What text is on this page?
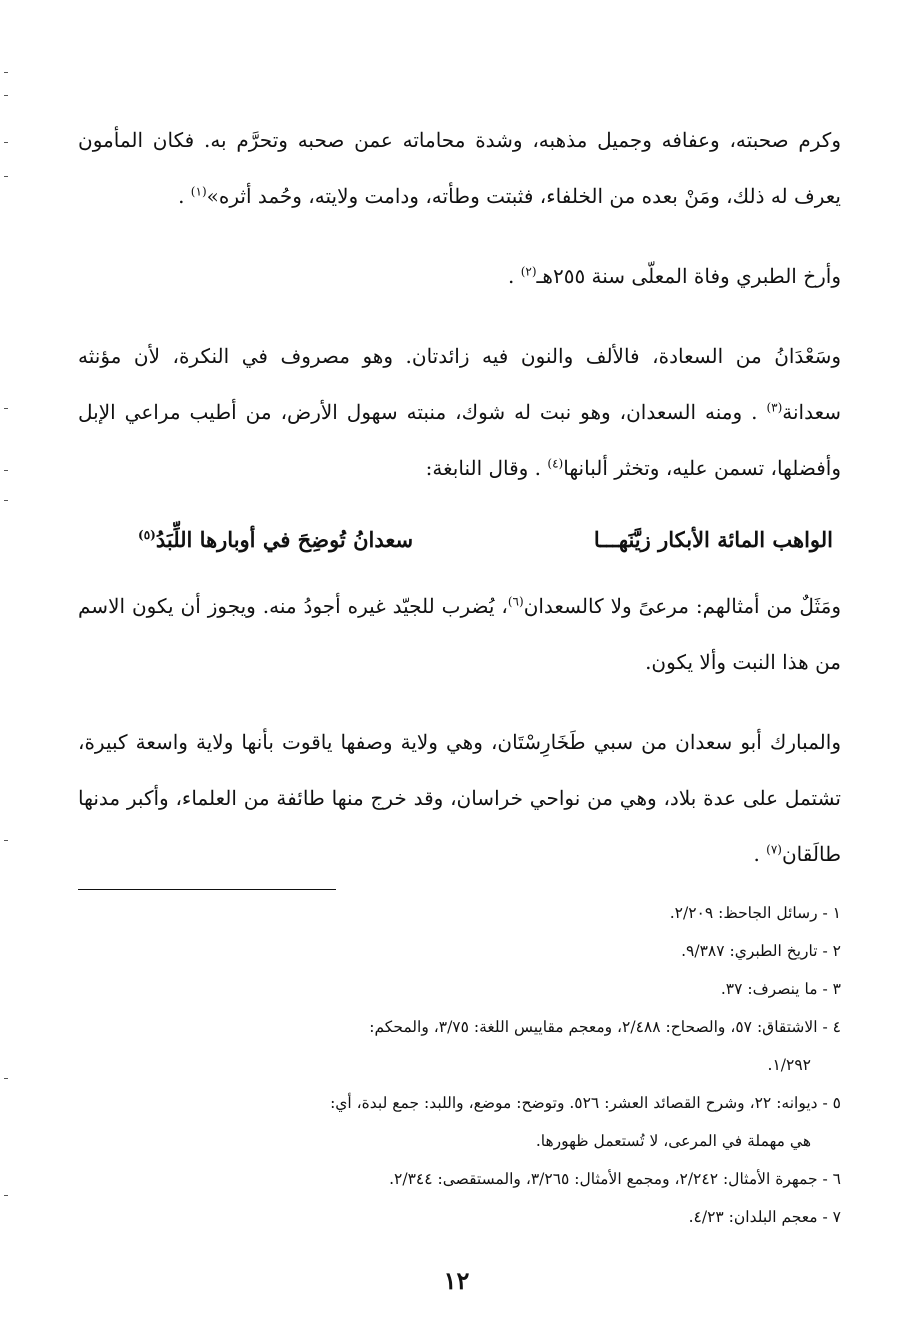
وكرم صحبته، وعفافه وجميل مذهبه، وشدة محاماته عمن صحبه وتحرَّم به. فكان المأمون يعرف له ذلك، ومَنْ بعده من الخلفاء، فثبتت وطأته، ودامت ولايته، وحُمد أثره»$^{(١)}$ .

وأرخ الطبري وفاة المعلّى سنة ٢٥٥هـ$^{(٢)}$ .

وسَعْدَانُ من السعادة، فالألف والنون فيه زائدتان. وهو مصروف في النكرة، لأن مؤنثه سعدانة$^{(٣)}$ . ومنه السعدان، وهو نبت له شوك، منبته سهول الأرض، من أطيب مراعي الإبل وأفضلها، تسمن عليه، وتخثر ألبانها$^{(٤)}$ . وقال النابغة:

الواهب المائة الأبكار زيَّنَهـــا
سعدانُ تُوضِحَ في أوبارها اللِّبَدُ$^{(٥)}$

ومَثَلٌ من أمثالهم: مرعىً ولا كالسعدان$^{(٦)}$، يُضرب للجيّد غيره أجودُ منه. ويجوز أن يكون الاسم من هذا النبت وألا يكون.

والمبارك أبو سعدان من سبي طَخَارِسْتَان، وهي ولاية وصفها ياقوت بأنها ولاية واسعة كبيرة، تشتمل على عدة بلاد، وهي من نواحي خراسان، وقد خرج منها طائفة من العلماء، وأكبر مدنها طالَقان$^{(٧)}$ .

١ - رسائل الجاحظ: ٢/٢٠٩.
٢ - تاريخ الطبري: ٩/٣٨٧.
٣ - ما ينصرف: ٣٧.
٤ - الاشتقاق: ٥٧، والصحاح: ٢/٤٨٨، ومعجم مقاييس اللغة: ٣/٧٥، والمحكم:
١/٢٩٢.
٥ - ديوانه: ٢٢، وشرح القصائد العشر: ٥٢٦. وتوضح: موضع، واللبد: جمع لبدة، أي:
هي مهملة في المرعى، لا تُستعمل ظهورها.
٦ - جمهرة الأمثال: ٢/٢٤٢، ومجمع الأمثال: ٣/٢٦٥، والمستقصى: ٢/٣٤٤.
٧ - معجم البلدان: ٤/٢٣.
١٢
